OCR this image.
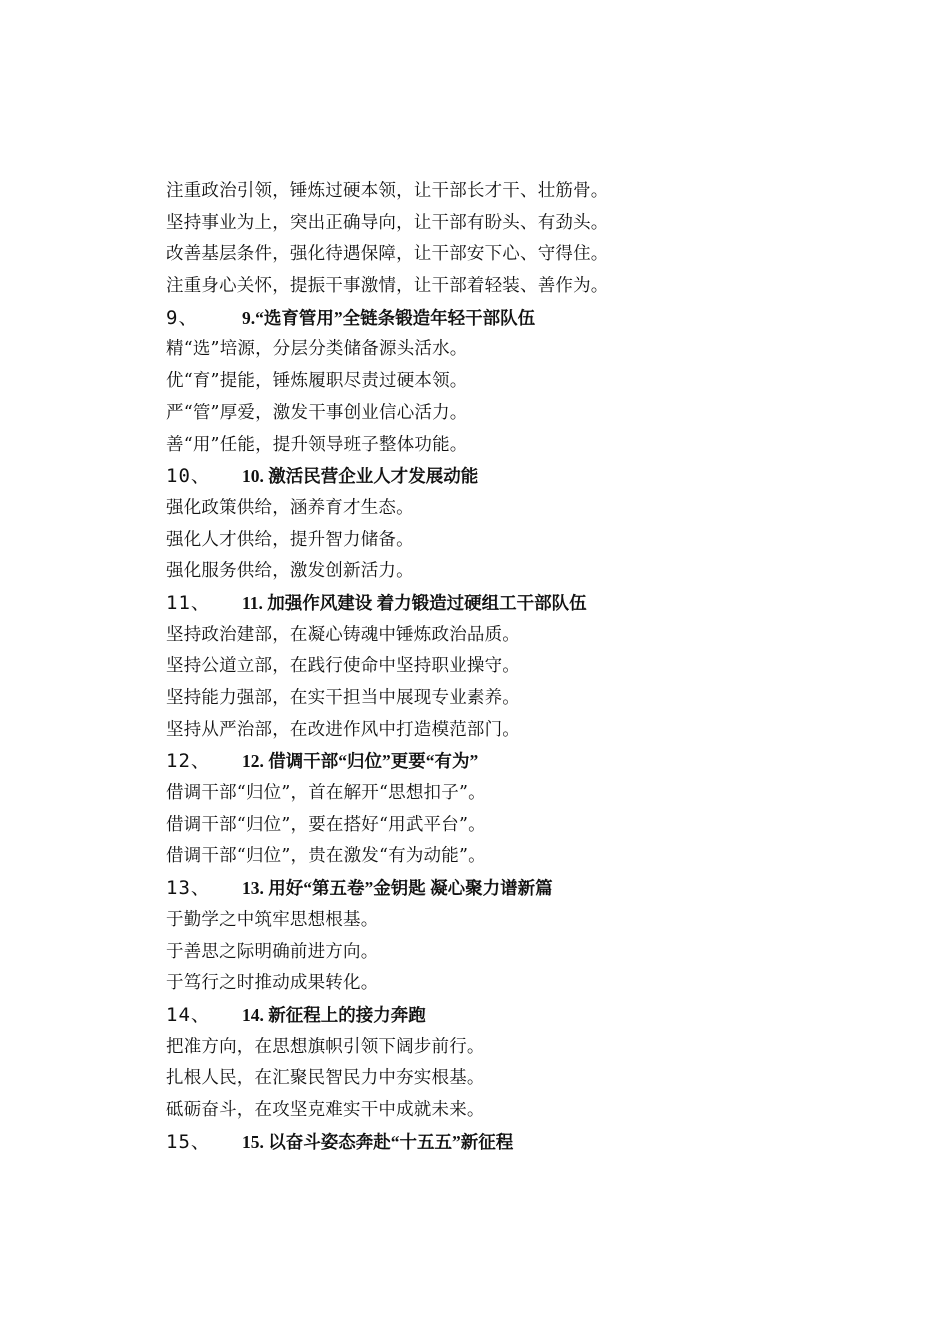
注重政治引领，锤炼过硬本领，让干部长才干、壮筋骨。
坚持事业为上，突出正确导向，让干部有盼头、有劲头。
改善基层条件，强化待遇保障，让干部安下心、守得住。
注重身心关怀，提振干事激情，让干部着轻装、善作为。
9、 9.“选育管用”全链条锻造年轻干部队伍
精“选”培源，分层分类储备源头活水。
优“育”提能，锤炼履职尽责过硬本领。
严“管”厚爱，激发干事创业信心活力。
善“用”任能，提升领导班子整体功能。
10、 10. 激活民营企业人才发展动能
强化政策供给，涵养育才生态。
强化人才供给，提升智力储备。
强化服务供给，激发创新活力。
11、 11. 加强作风建设 着力锻造过硬组工干部队伍
坚持政治建部，在凝心铸魂中锤炼政治品质。
坚持公道立部，在践行使命中坚持职业操守。
坚持能力强部，在实干担当中展现专业素养。
坚持从严治部，在改进作风中打造模范部门。
12、 12. 借调干部“归位”更要“有为”
借调干部“归位”，首在解开“思想扣子”。
借调干部“归位”，要在搭好“用武平台”。
借调干部“归位”，贵在激发“有为动能”。
13、 13. 用好“第五卷”金钥匙 凝心聚力谱新篇
于勤学之中筑牢思想根基。
于善思之际明确前进方向。
于笃行之时推动成果转化。
14、 14. 新征程上的接力奔跑
把准方向，在思想旗帜引领下阔步前行。
扎根人民，在汇聚民智民力中夯实根基。
砥砺奋斗，在攻坚克难实干中成就未来。
15、 15. 以奋斗姿态奔赴“十五五”新征程
